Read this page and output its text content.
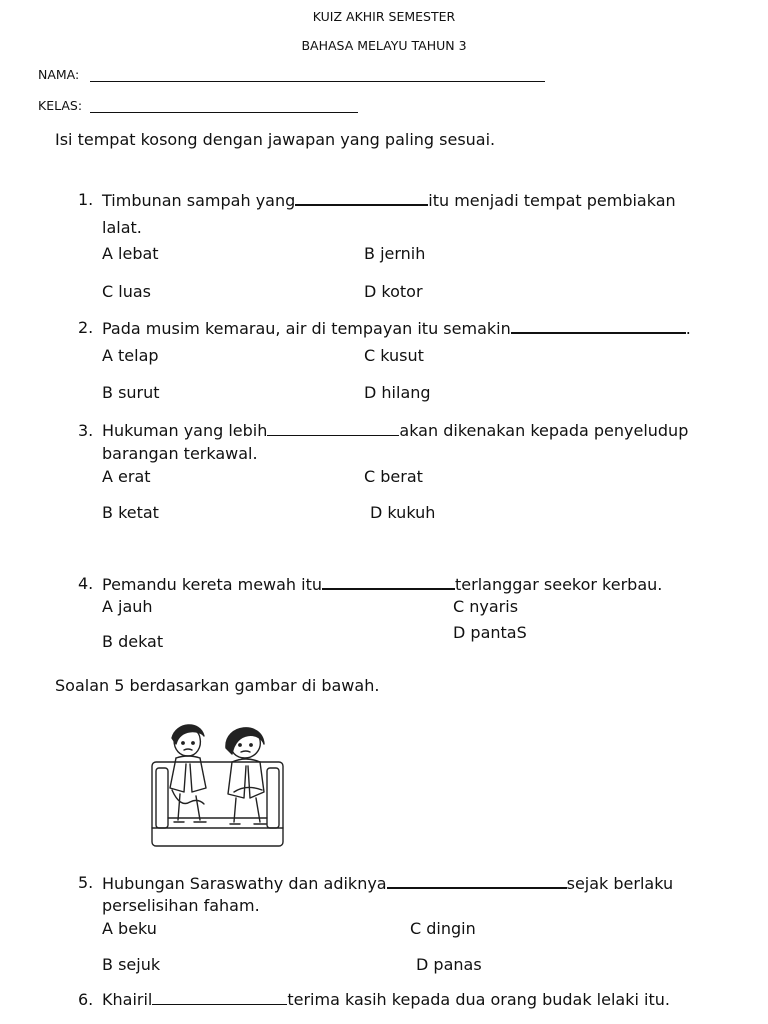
KUIZ AKHIR SEMESTER
BAHASA MELAYU TAHUN 3
NAMA:
KELAS:
Isi tempat kosong dengan jawapan yang paling sesuai.
1. Timbunan sampah yang	itu menjadi tempat pembiakan
lalat.
A lebat	B jernih
C luas	D kotor
2. Pada musim kemarau, air di tempayan itu semakin	.
A telap	C kusut
B surut	D hilang
3. Hukuman yang lebih	akan dikenakan kepada penyeludup
barangan terkawal.
A erat	C berat
B ketat	D kukuh
4. Pemandu kereta mewah itu	terlanggar seekor kerbau.
A jauh	C nyaris
B dekat	D pantaS
Soalan 5 berdasarkan gambar di bawah.
5. Hubungan Saraswathy dan adiknya	sejak berlaku
perselisihan faham.
A beku	C dingin
B sejuk	D panas
6. Khairil	terima kasih kepada dua orang budak lelaki itu.
